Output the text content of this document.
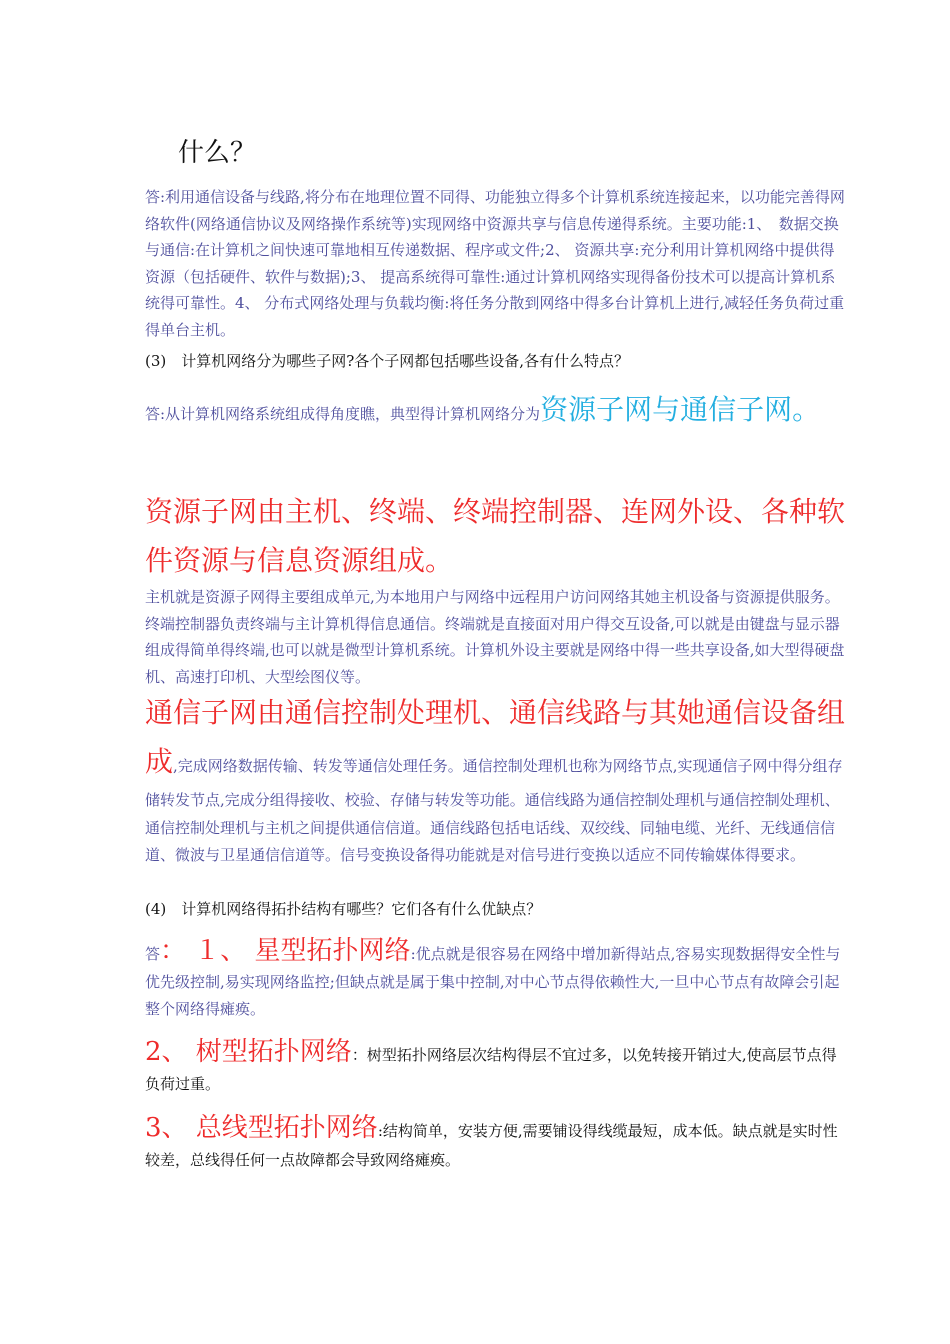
什么？

答:利用通信设备与线路,将分布在地理位置不同得、功能独立得多个计算机系统连接起来，以功能完善得网络软件(网络通信协议及网络操作系统等)实现网络中资源共享与信息传递得系统。主要功能:1、　数据交换与通信:在计算机之间快速可靠地相互传递数据、程序或文件;2、 资源共享:充分利用计算机网络中提供得资源（包括硬件、软件与数据);3、 提高系统得可靠性:通过计算机网络实现得备份技术可以提高计算机系统得可靠性。4、 分布式网络处理与负载均衡:将任务分散到网络中得多台计算机上进行,减轻任务负荷过重得单台主机。

(3)　计算机网络分为哪些子网?各个子网都包括哪些设备,各有什么特点？

答:从计算机网络系统组成得角度瞧，典型得计算机网络分为资源子网与通信子网。

资源子网由主机、终端、终端控制器、连网外设、各种软件资源与信息资源组成。

主机就是资源子网得主要组成单元,为本地用户与网络中远程用户访问网络其她主机设备与资源提供服务。终端控制器负责终端与主计算机得信息通信。终端就是直接面对用户得交互设备,可以就是由键盘与显示器组成得简单得终端,也可以就是微型计算机系统。计算机外设主要就是网络中得一些共享设备,如大型得硬盘机、高速打印机、大型绘图仪等。

通信子网由通信控制处理机、通信线路与其她通信设备组成,完成网络数据传输、转发等通信处理任务。通信控制处理机也称为网络节点,实现通信子网中得分组存储转发节点,完成分组得接收、校验、存储与转发等功能。通信线路为通信控制处理机与通信控制处理机、通信控制处理机与主机之间提供通信信道。通信线路包括电话线、双绞线、同轴电缆、光纤、无线通信信道、微波与卫星通信信道等。信号变换设备得功能就是对信号进行变换以适应不同传输媒体得要求。

(4)　计算机网络得拓扑结构有哪些？它们各有什么优缺点？

答： １、 星型拓扑网络:优点就是很容易在网络中增加新得站点,容易实现数据得安全性与优先级控制,易实现网络监控;但缺点就是属于集中控制,对中心节点得依赖性大,一旦中心节点有故障会引起整个网络得瘫痪。

2、 树型拓扑网络：树型拓扑网络层次结构得层不宜过多，以免转接开销过大,使高层节点得负荷过重。

3、 总线型拓扑网络:结构简单，安装方便,需要铺设得线缆最短，成本低。缺点就是实时性较差，总线得任何一点故障都会导致网络瘫痪。
